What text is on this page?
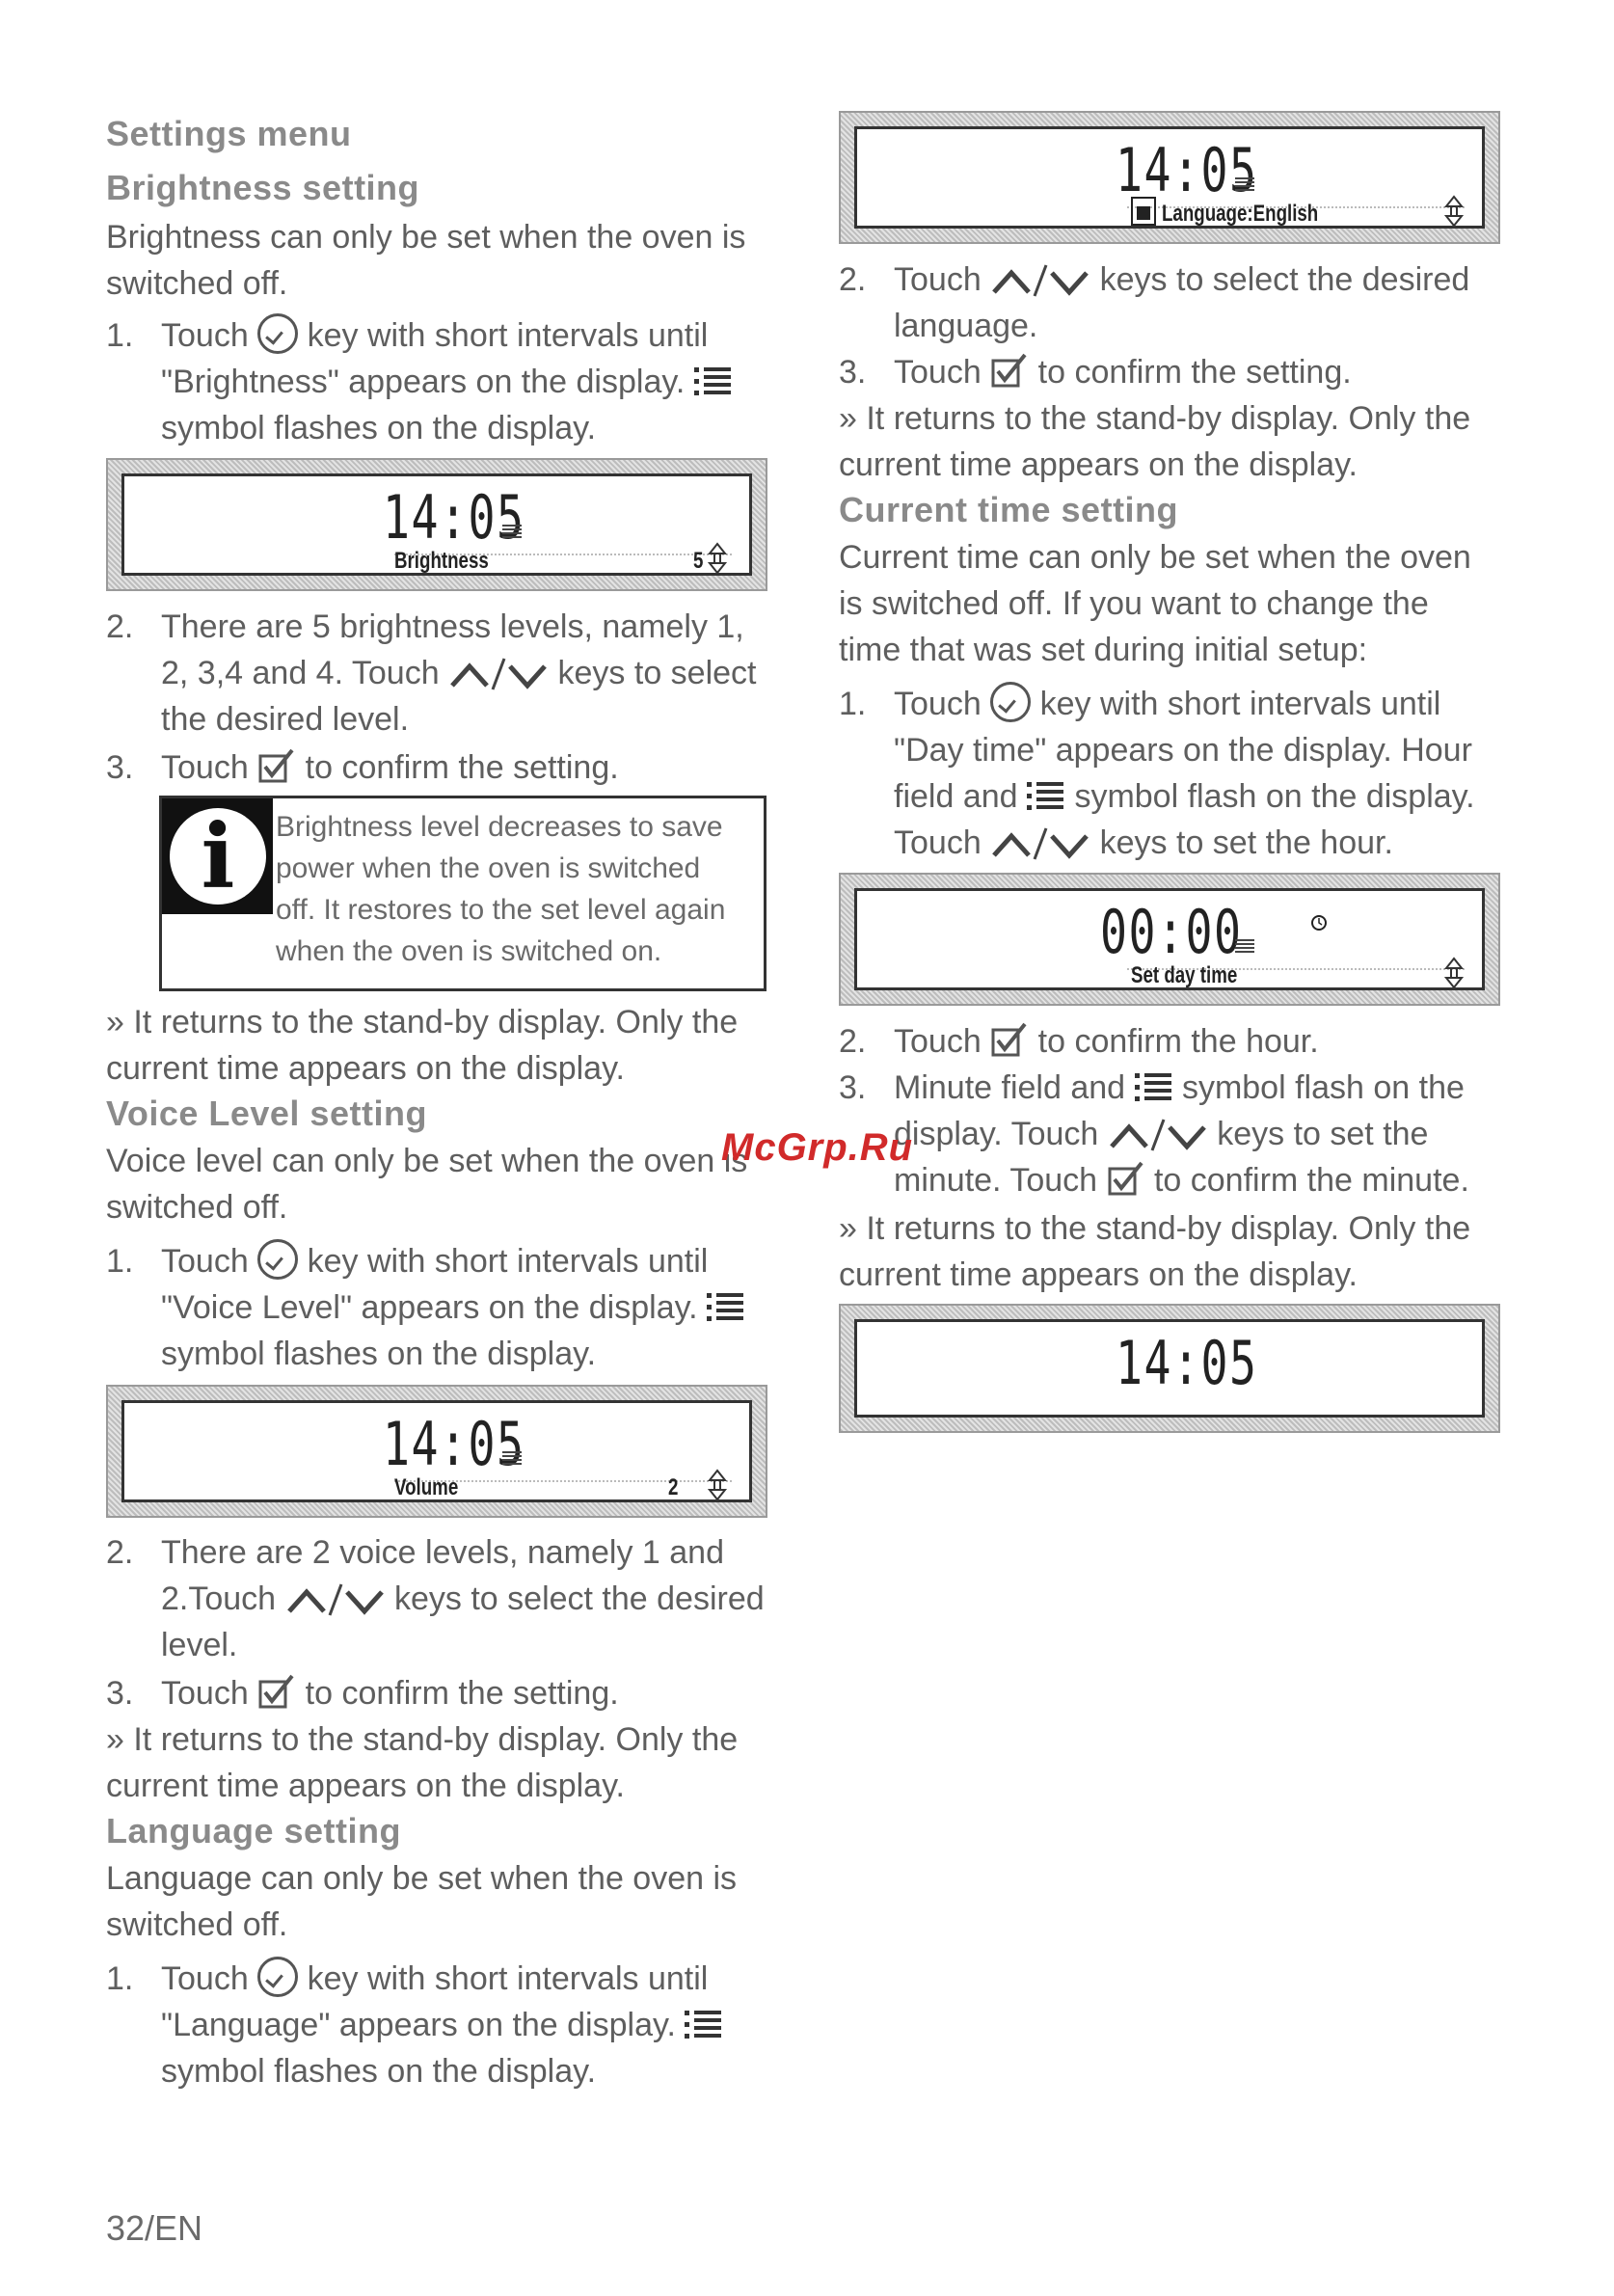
Settings menu
Brightness setting
Brightness can only be set when the oven is
switched off.
1. Touch key with short intervals until
"Brightness" appears on the display.
symbol flashes on the display.
14:05
Brightness	5
2. There are 5 brightness levels, namely 1,
2, 3,4 and 4. Touch	keys to select
the desired level.
3. Touch to confirm the setting.
i	Brightness level decreases to save
power when the oven is switched
off. It restores to the set level again
when the oven is switched on.
» It returns to the stand-by display. Only the
current time appears on the display.
Voice Level setting
Voice level can only be set when the oven is
switched off.
1. Touch key with short intervals until
"Voice Level" appears on the display.
symbol flashes on the display.
14:05
Volume	2
2. There are 2 voice levels, namely 1 and
2.Touch	keys to select the desired
level.
3. Touch to confirm the setting.
» It returns to the stand-by display. Only the
current time appears on the display.
Language setting
Language can only be set when the oven is
switched off.
1. Touch key with short intervals until
"Language" appears on the display.
symbol flashes on the display.
14:05
Language:English
2. Touch	keys to select the desired
language.
3. Touch to confirm the setting.
» It returns to the stand-by display. Only the
current time appears on the display.
Current time setting
Current time can only be set when the oven
is switched off. If you want to change the
time that was set during initial setup:
1. Touch key with short intervals until
"Day time" appears on the display. Hour
field and symbol flash on the display.
Touch	keys to set the hour.
00:00
Set day time
2. Touch to confirm the hour.
3. Minute field and symbol flash on the
display. Touch	keys to set the
minute. Touch to confirm the minute.
» It returns to the stand-by display. Only the
current time appears on the display.
14:05
McGrp.Ru
32/EN
